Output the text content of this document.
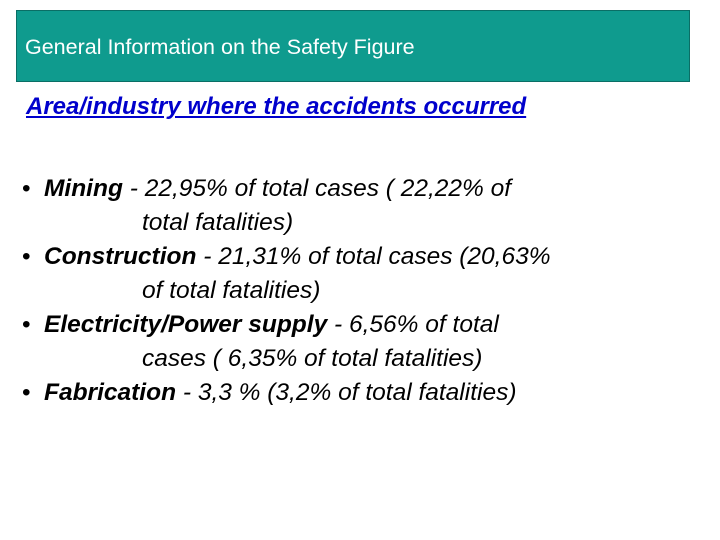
General Information on the Safety Figure
Area/industry where the accidents occurred
• Mining - 22,95% of total cases ( 22,22% of
total fatalities)
• Construction - 21,31% of total cases (20,63%
of total fatalities)
• Electricity/Power supply - 6,56% of total
cases ( 6,35% of total fatalities)
• Fabrication - 3,3 % (3,2% of total fatalities)
